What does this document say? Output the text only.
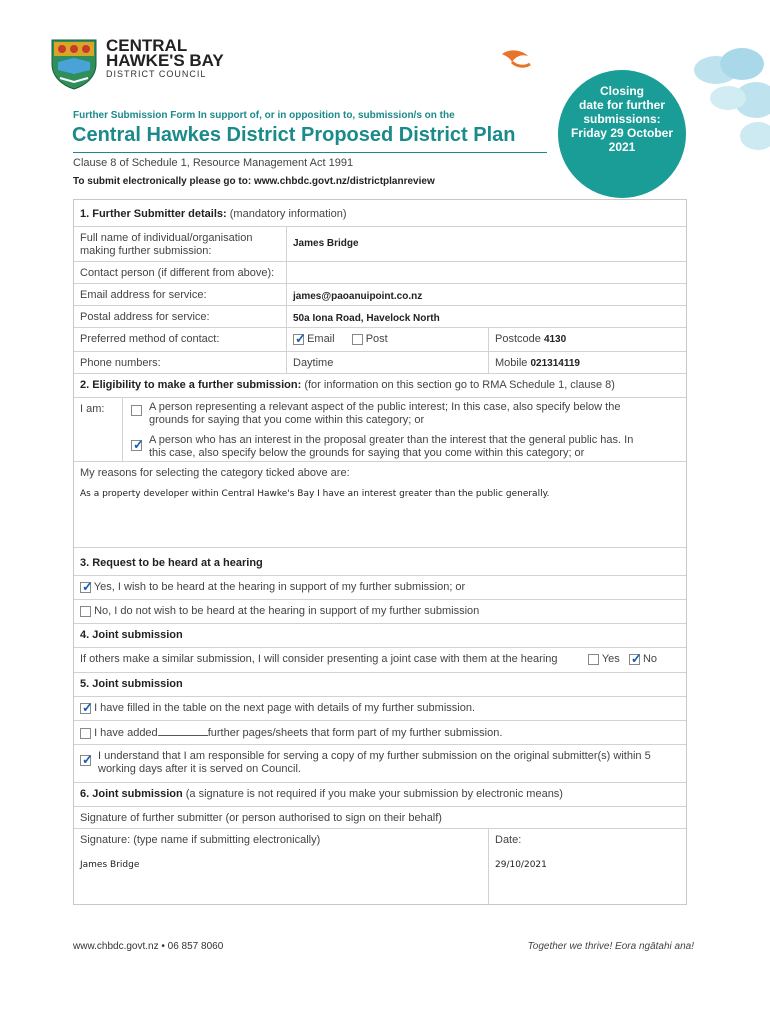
CENTRAL
HAWKE'S BAY
DISTRICT COUNCIL
Closing
date for further
submissions:
Friday 29 October
2021
Further Submission Form In support of, or in opposition to, submission/s on the
Central Hawkes District Proposed District Plan
Clause 8 of Schedule 1, Resource Management Act 1991
To submit electronically please go to: www.chbdc.govt.nz/districtplanreview
1. Further Submitter details: (mandatory information)
Full name of individual/organisation making further submission:
James Bridge
Contact person (if different from above):
Email address for service:	james@paoanuipoint.co.nz
Postal address for service:	50a Iona Road, Havelock North
Preferred method of contact:	✓ Email	Post	Postcode 4130
Phone numbers:	Daytime	Mobile 021314119
2. Eligibility to make a further submission: (for information on this section go to RMA Schedule 1, clause 8)
I am:	A person representing a relevant aspect of the public interest; In this case, also specify below the grounds for saying that you come within this category; or
✓ A person who has an interest in the proposal greater than the interest that the general public has. In this case, also specify below the grounds for saying that you come within this category; or
My reasons for selecting the category ticked above are:
As a property developer within Central Hawke's Bay I have an interest greater than the public generally.
3. Request to be heard at a hearing
✓ Yes, I wish to be heard at the hearing in support of my further submission; or
No, I do not wish to be heard at the hearing in support of my further submission
4. Joint submission
If others make a similar submission, I will consider presenting a joint case with them at the hearing	Yes ✓ No
5. Joint submission
✓ I have filled in the table on the next page with details of my further submission.
I have added	further pages/sheets that form part of my further submission.
✓ I understand that I am responsible for serving a copy of my further submission on the original submitter(s) within 5 working days after it is served on Council.
6. Joint submission (a signature is not required if you make your submission by electronic means)
Signature of further submitter (or person authorised to sign on their behalf)
Signature: (type name if submitting electronically)
James Bridge
Date:
29/10/2021
www.chbdc.govt.nz • 06 857 8060	Together we thrive! Eora ngātahi ana!
